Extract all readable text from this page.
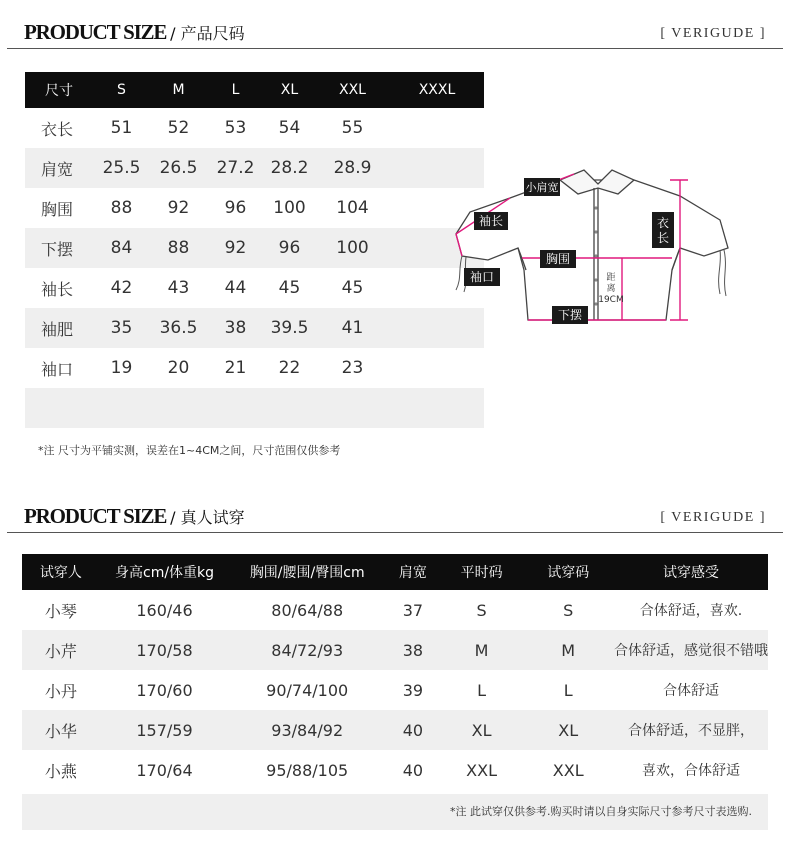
PRODUCT SIZE / 产品尺码	[ VERIGUDE ]
尺寸	S	M	L	XL	XXL	XXXL
衣长	51	52	53	54	55	
肩宽	25.5	26.5	27.2	28.2	28.9	
胸围	88	92	96	100	104	
下摆	84	88	92	96	100	
袖长	42	43	44	45	45	
袖肥	35	36.5	38	39.5	41	
袖口	19	20	21	22	23	

*注 尺寸为平铺实测，误差在1~4CM之间，尺寸范围仅供参考
小肩宽
袖长
袖口
胸围
下摆
衣长
距离 19CM
PRODUCT SIZE / 真人试穿	[ VERIGUDE ]
试穿人	身高cm/体重kg	胸围/腰围/臀围cm	肩宽	平时码	试穿码	试穿感受
小琴	160/46	80/64/88	37	S	S	合体舒适，喜欢.
小芹	170/58	84/72/93	38	M	M	合体舒适，感觉很不错哦
小丹	170/60	90/74/100	39	L	L	合体舒适
小华	157/59	93/84/92	40	XL	XL	合体舒适，不显胖，
小燕	170/64	95/88/105	40	XXL	XXL	喜欢，合体舒适
*注 此试穿仅供参考.购买时请以自身实际尺寸参考尺寸表选购.
